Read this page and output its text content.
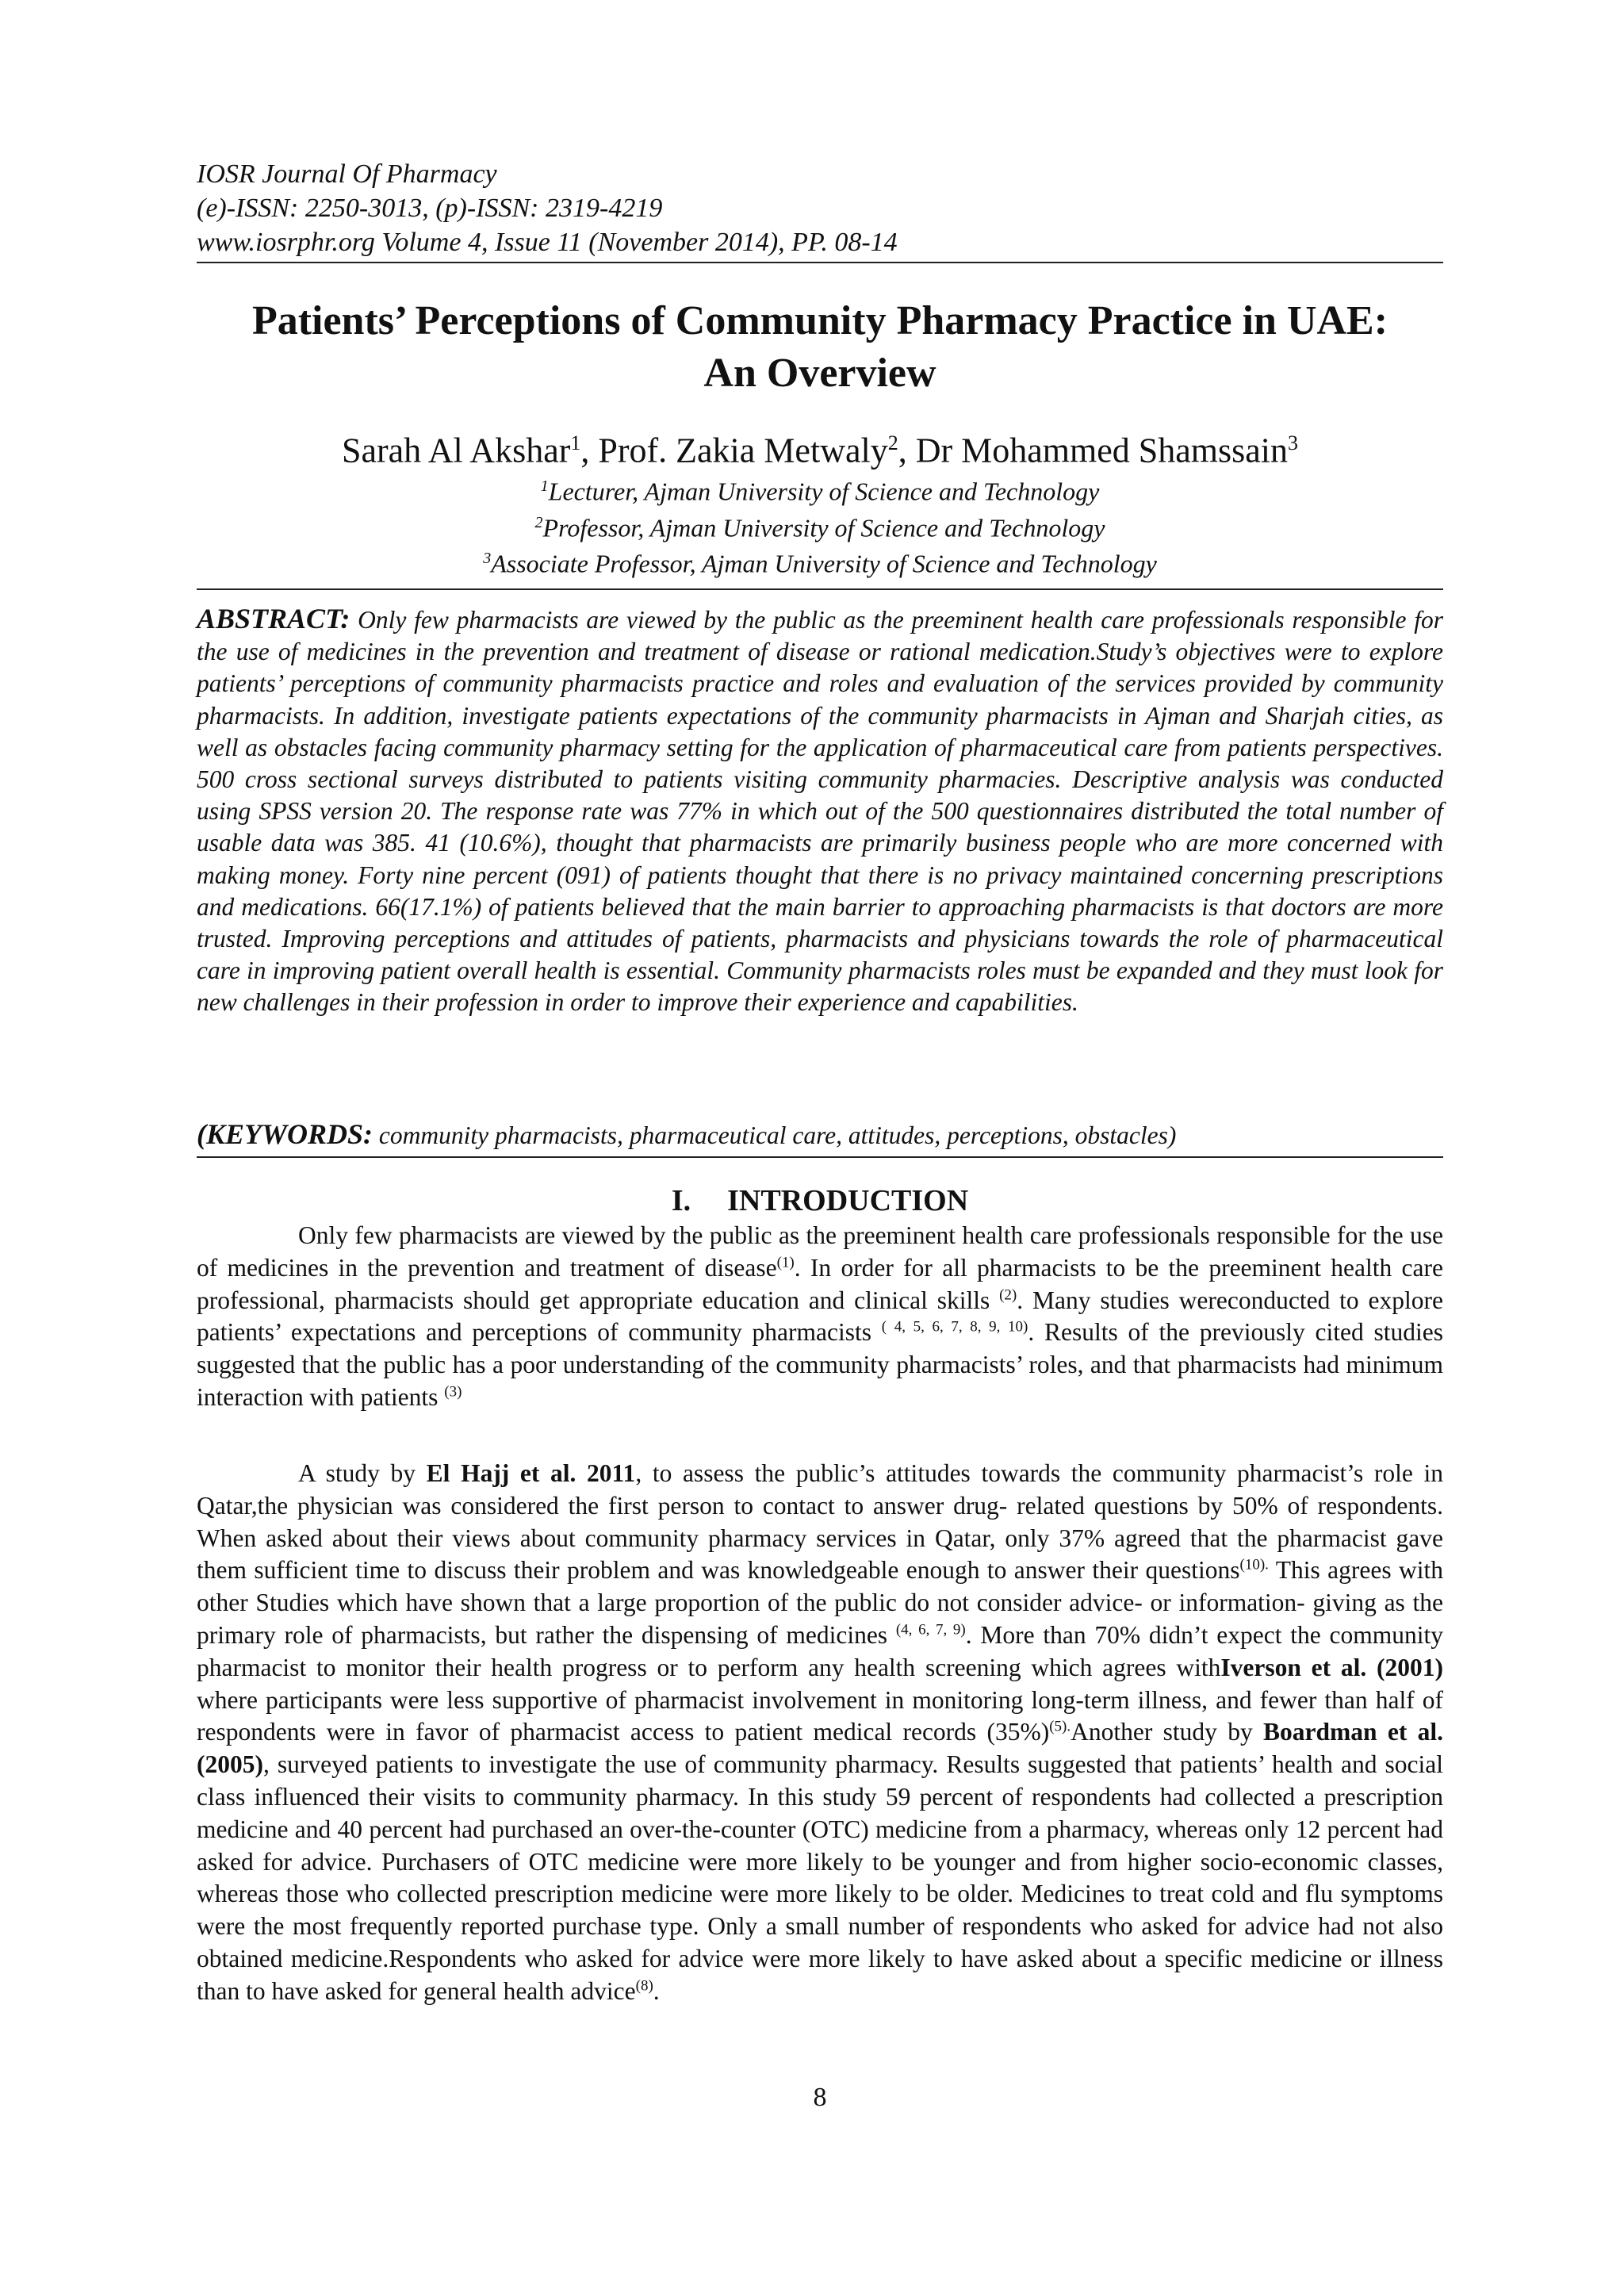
IOSR Journal Of Pharmacy
(e)-ISSN: 2250-3013, (p)-ISSN: 2319-4219
www.iosrphr.org Volume 4, Issue 11 (November 2014), PP. 08-14
Patients’ Perceptions of Community Pharmacy Practice in UAE:
An Overview
Sarah Al Akshar$^1$, Prof. Zakia Metwaly$^2$, Dr Mohammed Shamssain$^3$
$^1$Lecturer, Ajman University of Science and Technology
$^2$Professor, Ajman University of Science and Technology
$^3$Associate Professor, Ajman University of Science and Technology
ABSTRACT: Only few pharmacists are viewed by the public as the preeminent health care professionals responsible for the use of medicines in the prevention and treatment of disease or rational medication.Study’s objectives were to explore patients’ perceptions of community pharmacists practice and roles and evaluation of the services provided by community pharmacists. In addition, investigate patients expectations of the community pharmacists in Ajman and Sharjah cities, as well as obstacles facing community pharmacy setting for the application of pharmaceutical care from patients perspectives. 500 cross sectional surveys distributed to patients visiting community pharmacies. Descriptive analysis was conducted using SPSS version 20. The response rate was 77% in which out of the 500 questionnaires distributed the total number of usable data was 385. 41 (10.6%), thought that pharmacists are primarily business people who are more concerned with making money. Forty nine percent (091) of patients thought that there is no privacy maintained concerning prescriptions and medications. 66(17.1%) of patients believed that the main barrier to approaching pharmacists is that doctors are more trusted. Improving perceptions and attitudes of patients, pharmacists and physicians towards the role of pharmaceutical care in improving patient overall health is essential. Community pharmacists roles must be expanded and they must look for new challenges in their profession in order to improve their experience and capabilities.
(KEYWORDS: community pharmacists, pharmaceutical care, attitudes, perceptions, obstacles)
I. INTRODUCTION
Only few pharmacists are viewed by the public as the preeminent health care professionals responsible for the use of medicines in the prevention and treatment of disease$^{(1)}$. In order for all pharmacists to be the preeminent health care professional, pharmacists should get appropriate education and clinical skills $^{(2)}$. Many studies wereconducted to explore patients’ expectations and perceptions of community pharmacists $^{( 4, 5, 6, 7, 8, 9, 10)}$. Results of the previously cited studies suggested that the public has a poor understanding of the community pharmacists’ roles, and that pharmacists had minimum interaction with patients $^{(3)}$
A study by El Hajj et al. 2011, to assess the public’s attitudes towards the community pharmacist’s role in Qatar,the physician was considered the first person to contact to answer drug- related questions by 50% of respondents. When asked about their views about community pharmacy services in Qatar, only 37% agreed that the pharmacist gave them sufficient time to discuss their problem and was knowledgeable enough to answer their questions$^{(10).}$ This agrees with other Studies which have shown that a large proportion of the public do not consider advice- or information- giving as the primary role of pharmacists, but rather the dispensing of medicines $^{(4, 6, 7, 9)}$. More than 70% didn’t expect the community pharmacist to monitor their health progress or to perform any health screening which agrees withIverson et al. (2001) where participants were less supportive of pharmacist involvement in monitoring long-term illness, and fewer than half of respondents were in favor of pharmacist access to patient medical records $(35\%)^{(5).}Another$ study by Boardman et al. (2005), surveyed patients to investigate the use of community pharmacy. Results suggested that patients’ health and social class influenced their visits to community pharmacy. In this study 59 percent of respondents had collected a prescription medicine and 40 percent had purchased an over-the-counter (OTC) medicine from a pharmacy, whereas only 12 percent had asked for advice. Purchasers of OTC medicine were more likely to be younger and from higher socio-economic classes, whereas those who collected prescription medicine were more likely to be older. Medicines to treat cold and flu symptoms were the most frequently reported purchase type. Only a small number of respondents who asked for advice had not also obtained medicine.Respondents who asked for advice were more likely to have asked about a specific medicine or illness than to have asked for general health advice$^{(8)}$.
8
